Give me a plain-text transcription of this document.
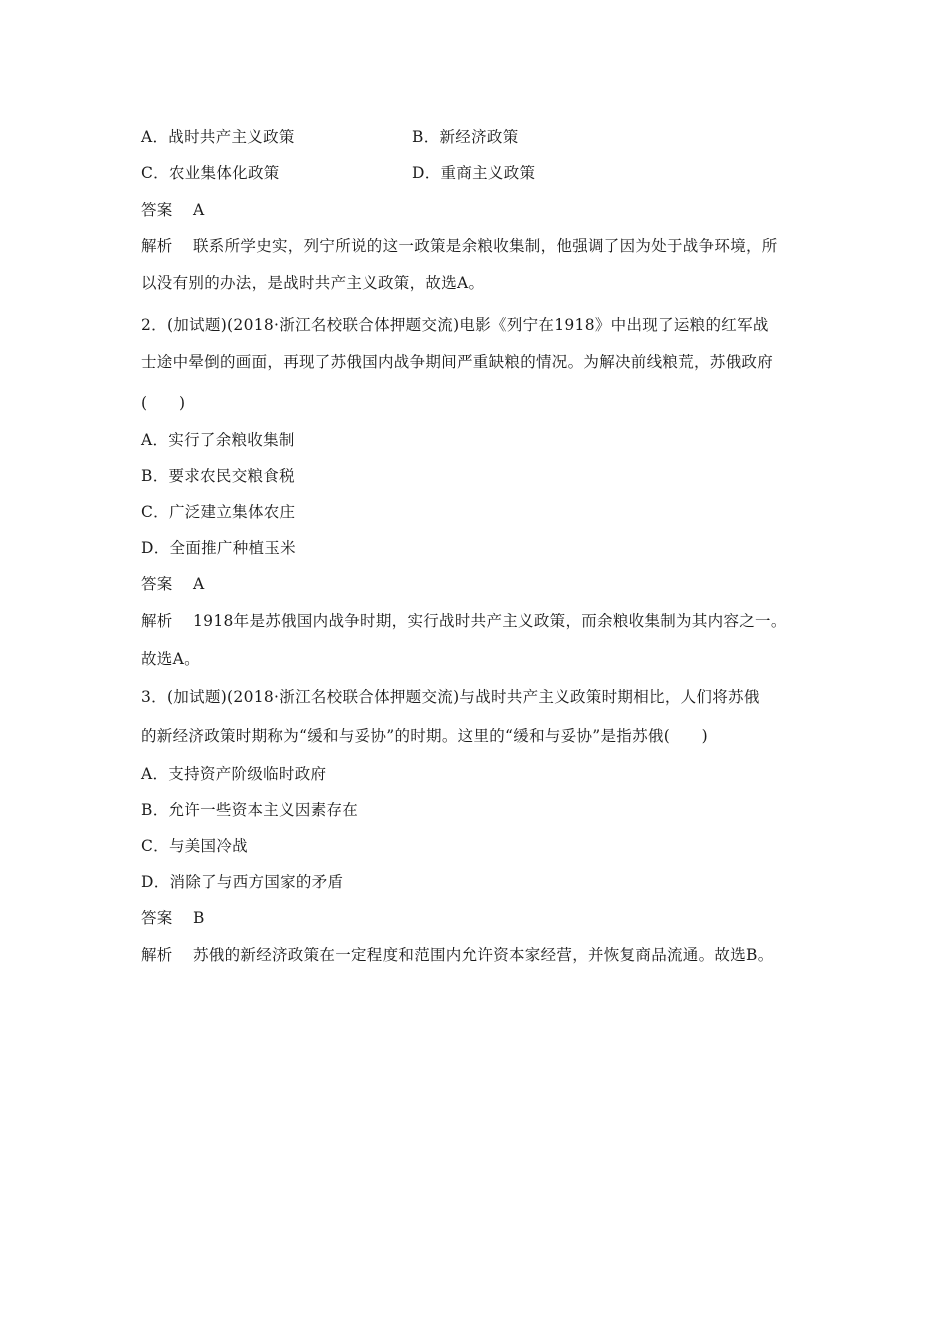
A．战时共产主义政策	B．新经济政策
C．农业集体化政策	D．重商主义政策
答案 A
解析 联系所学史实，列宁所说的这一政策是余粮收集制，他强调了因为处于战争环境，所
以没有别的办法，是战时共产主义政策，故选A。
2．(加试题)(2018·浙江名校联合体押题交流)电影《列宁在1918》中出现了运粮的红军战
士途中晕倒的画面，再现了苏俄国内战争期间严重缺粮的情况。为解决前线粮荒，苏俄政府
(　　)
A．实行了余粮收集制
B．要求农民交粮食税
C．广泛建立集体农庄
D．全面推广种植玉米
答案 A
解析 1918年是苏俄国内战争时期，实行战时共产主义政策，而余粮收集制为其内容之一。
故选A。
3．(加试题)(2018·浙江名校联合体押题交流)与战时共产主义政策时期相比，人们将苏俄
的新经济政策时期称为“缓和与妥协”的时期。这里的“缓和与妥协”是指苏俄(　　)
A．支持资产阶级临时政府
B．允许一些资本主义因素存在
C．与美国冷战
D．消除了与西方国家的矛盾
答案 B
解析 苏俄的新经济政策在一定程度和范围内允许资本家经营，并恢复商品流通。故选B。
